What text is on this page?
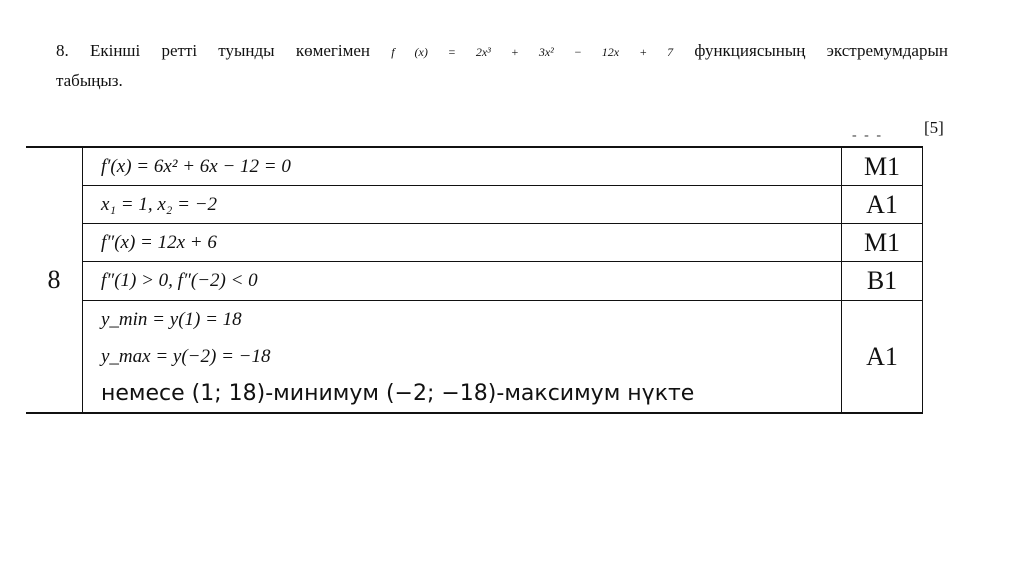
8. Екінші ретті туынды көмегімен f (x) = 2x³ + 3x² − 12x + 7 функциясының экстремумдарын
табыңыз.
- - - [5]
8	f′(x) = 6x² + 6x − 12 = 0	M1
	x₁ = 1, x₂ = −2	A1
	f″(x) = 12x + 6	M1
	f″(1) > 0, f″(−2) < 0	B1

	y_min = y(1) = 18
y_max = y(−2) = −18
немесе (1; 18)-минимум (−2; −18)-максимум нүкте	A1
